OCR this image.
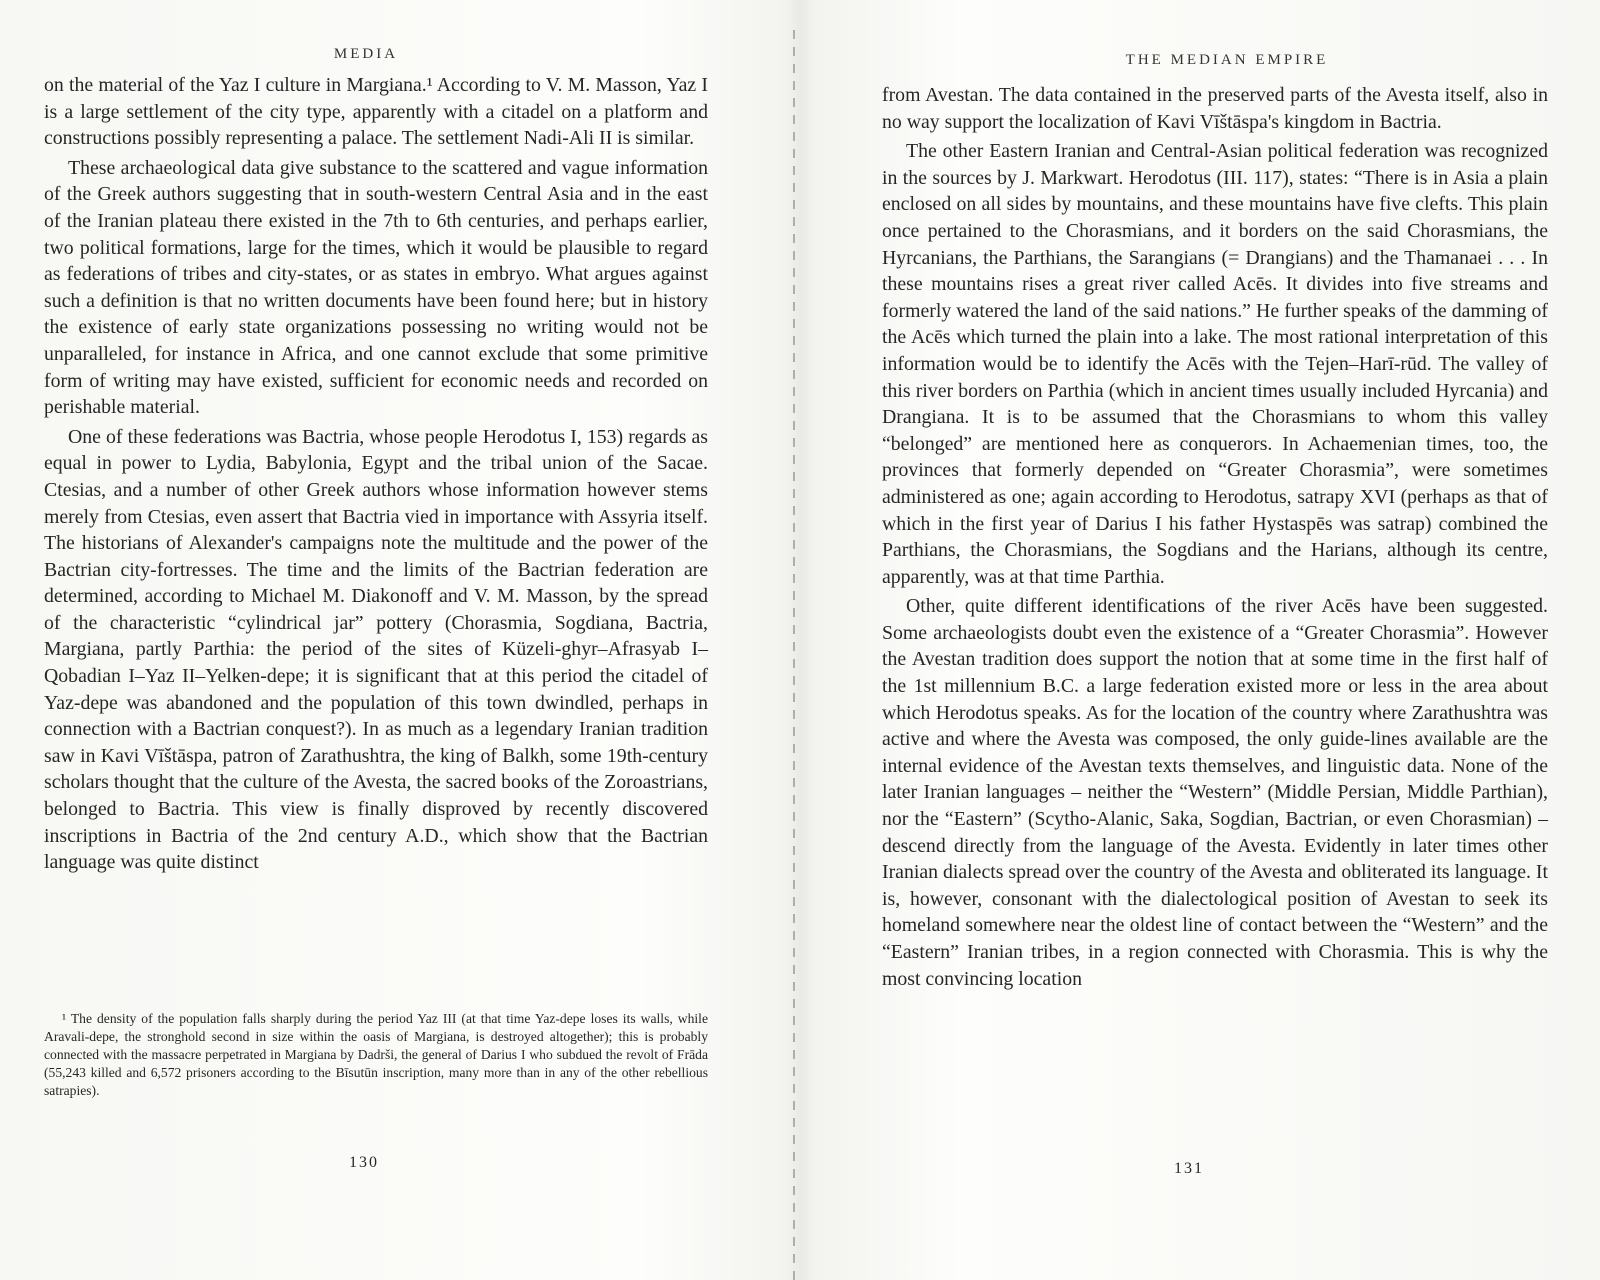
MEDIA

on the material of the Yaz I culture in Margiana.¹ According to V. M. Masson, Yaz I is a large settlement of the city type, apparently with a citadel on a platform and constructions possibly representing a palace. The settlement Nadi-Ali II is similar.

These archaeological data give substance to the scattered and vague information of the Greek authors suggesting that in south-western Central Asia and in the east of the Iranian plateau there existed in the 7th to 6th centuries, and perhaps earlier, two political formations, large for the times, which it would be plausible to regard as federations of tribes and city-states, or as states in embryo. What argues against such a definition is that no written documents have been found here; but in history the existence of early state organizations possessing no writing would not be unparalleled, for instance in Africa, and one cannot exclude that some primitive form of writing may have existed, sufficient for economic needs and recorded on perishable material.

One of these federations was Bactria, whose people Herodotus I, 153) regards as equal in power to Lydia, Babylonia, Egypt and the tribal union of the Sacae. Ctesias, and a number of other Greek authors whose information however stems merely from Ctesias, even assert that Bactria vied in importance with Assyria itself. The historians of Alexander's campaigns note the multitude and the power of the Bactrian city-fortresses. The time and the limits of the Bactrian federation are determined, according to Michael M. Diakonoff and V. M. Masson, by the spread of the characteristic “cylindrical jar” pottery (Chorasmia, Sogdiana, Bactria, Margiana, partly Parthia: the period of the sites of Küzeli-ghyr–Afrasyab I–Qobadian I–Yaz II–Yelken-depe; it is significant that at this period the citadel of Yaz-depe was abandoned and the population of this town dwindled, perhaps in connection with a Bactrian conquest?). In as much as a legendary Iranian tradition saw in Kavi Vīštāspa, patron of Zarathushtra, the king of Balkh, some 19th-century scholars thought that the culture of the Avesta, the sacred books of the Zoroastrians, belonged to Bactria. This view is finally disproved by recently discovered inscriptions in Bactria of the 2nd century A.D., which show that the Bactrian language was quite distinct

¹ The density of the population falls sharply during the period Yaz III (at that time Yaz-depe loses its walls, while Aravali-depe, the stronghold second in size within the oasis of Margiana, is destroyed altogether); this is probably connected with the massacre perpetrated in Margiana by Dadrši, the general of Darius I who subdued the revolt of Frāda (55,243 killed and 6,572 prisoners according to the Bīsutūn inscription, many more than in any of the other rebellious satrapies).
130
THE MEDIAN EMPIRE

from Avestan. The data contained in the preserved parts of the Avesta itself, also in no way support the localization of Kavi Vīštāspa's kingdom in Bactria.

The other Eastern Iranian and Central-Asian political federation was recognized in the sources by J. Markwart. Herodotus (III. 117), states: “There is in Asia a plain enclosed on all sides by mountains, and these mountains have five clefts. This plain once pertained to the Chorasmians, and it borders on the said Chorasmians, the Hyrcanians, the Parthians, the Sarangians (= Drangians) and the Thamanaei . . . In these mountains rises a great river called Acēs. It divides into five streams and formerly watered the land of the said nations.” He further speaks of the damming of the Acēs which turned the plain into a lake. The most rational interpretation of this information would be to identify the Acēs with the Tejen–Harī-rūd. The valley of this river borders on Parthia (which in ancient times usually included Hyrcania) and Drangiana. It is to be assumed that the Chorasmians to whom this valley “belonged” are mentioned here as conquerors. In Achaemenian times, too, the provinces that formerly depended on “Greater Chorasmia”, were sometimes administered as one; again according to Herodotus, satrapy XVI (perhaps as that of which in the first year of Darius I his father Hystaspēs was satrap) combined the Parthians, the Chorasmians, the Sogdians and the Harians, although its centre, apparently, was at that time Parthia.

Other, quite different identifications of the river Acēs have been suggested. Some archaeologists doubt even the existence of a “Greater Chorasmia”. However the Avestan tradition does support the notion that at some time in the first half of the 1st millennium B.C. a large federation existed more or less in the area about which Herodotus speaks. As for the location of the country where Zarathushtra was active and where the Avesta was composed, the only guide-lines available are the internal evidence of the Avestan texts themselves, and linguistic data. None of the later Iranian languages – neither the “Western” (Middle Persian, Middle Parthian), nor the “Eastern” (Scytho-Alanic, Saka, Sogdian, Bactrian, or even Chorasmian) – descend directly from the language of the Avesta. Evidently in later times other Iranian dialects spread over the country of the Avesta and obliterated its language. It is, however, consonant with the dialectological position of Avestan to seek its homeland somewhere near the oldest line of contact between the “Western” and the “Eastern” Iranian tribes, in a region connected with Chorasmia. This is why the most convincing location

131
